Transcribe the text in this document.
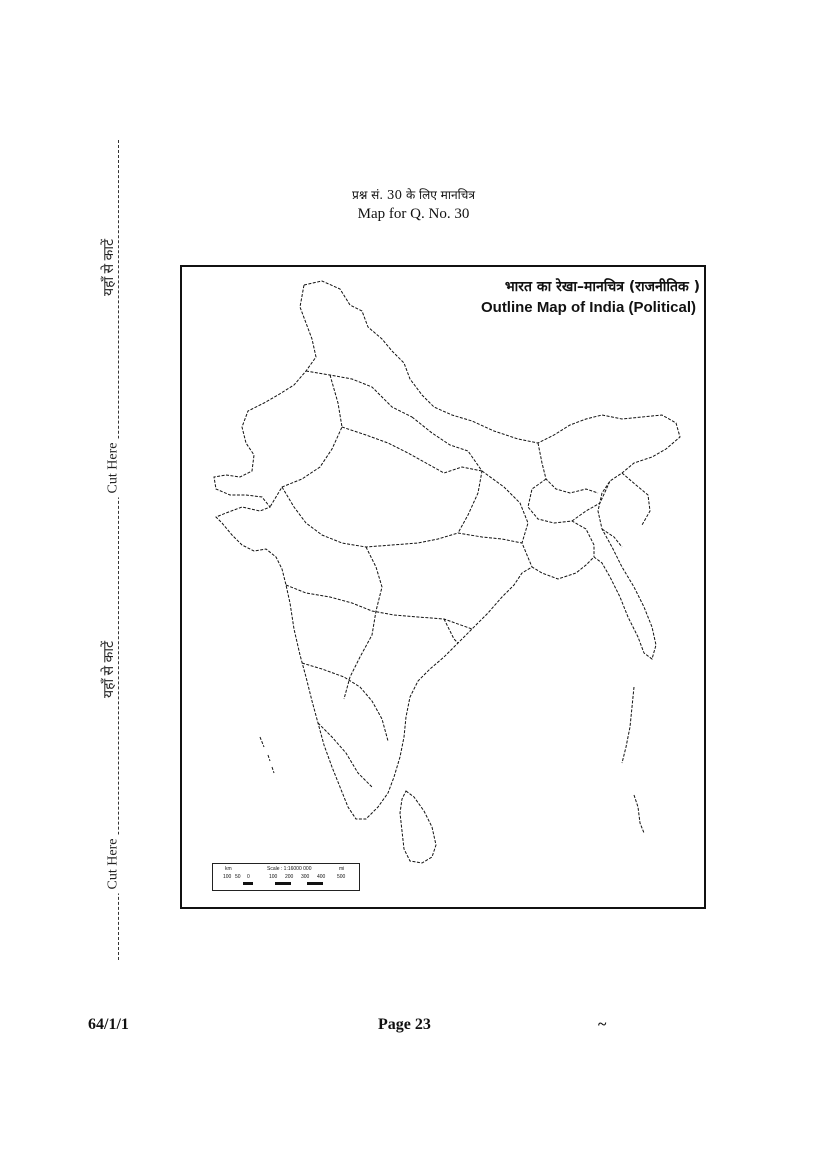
यहाँ से काटें
Cut Here
यहाँ से काटें
Cut Here
प्रश्न सं. 30 के लिए मानचित्र
Map for Q. No. 30
भारत का रेखा–मानचित्र (राजनीतिक )
Outline Map of India (Political)
km	Scale : 1:16000 000	mi
100 50 0	100 200 300 400 500
64/1/1	Page 23	~
